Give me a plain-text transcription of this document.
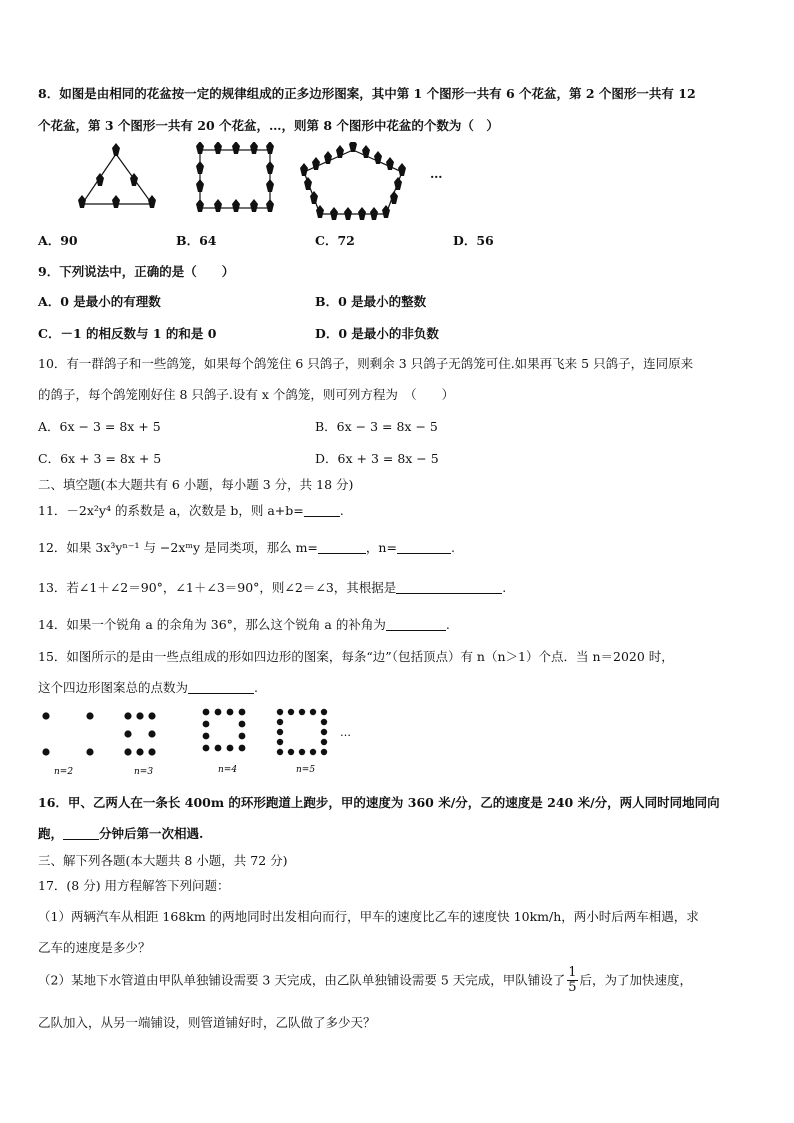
8．如图是由相同的花盆按一定的规律组成的正多边形图案，其中第 1 个图形一共有 6 个花盆，第 2 个图形一共有 12
个花盆，第 3 个图形一共有 20 个花盆，…，则第 8 个图形中花盆的个数为（　）
…
A．90	B．64	C．72	D．56
9．下列说法中，正确的是（　　）
A．0 是最小的有理数	B．0 是最小的整数
C．－1 的相反数与 1 的和是 0	D．0 是最小的非负数
10．有一群鸽子和一些鸽笼，如果每个鸽笼住 6 只鸽子，则剩余 3 只鸽子无鸽笼可住.如果再飞来 5 只鸽子，连同原来
的鸽子，每个鸽笼刚好住 8 只鸽子.设有 x 个鸽笼，则可列方程为　（　　）
A．6x − 3 = 8x + 5	B．6x − 3 = 8x − 5
C．6x + 3 = 8x + 5	D．6x + 3 = 8x − 5
二、填空题(本大题共有 6 小题，每小题 3 分，共 18 分)
11．－2x²y⁴ 的系数是 a，次数是 b，则 a+b=	.
12．如果 3x³yⁿ⁻¹ 与 −2xᵐy 是同类项，那么 m=	，n=	.
13．若∠1＋∠2＝90°，∠1＋∠3＝90°，则∠2＝∠3，其根据是	.
14．如果一个锐角 a 的余角为 36°，那么这个锐角 a 的补角为	.
15．如图所示的是由一些点组成的形如四边形的图案，每条“边”（包括顶点）有 n（n＞1）个点．当 n＝2020 时，
这个四边形图案总的点数为	.
n=2	n=3	n=4	n=5
…
16．甲、乙两人在一条长 400m 的环形跑道上跑步，甲的速度为 360 米/分，乙的速度是 240 米/分，两人同时同地同向
跑，	分钟后第一次相遇.
三、解下列各题(本大题共 8 小题，共 72 分)
17．(8 分) 用方程解答下列问题：
（1）两辆汽车从相距 168km 的两地同时出发相向而行，甲车的速度比乙车的速度快 10km/h，两小时后两车相遇，求
乙车的速度是多少？
（2）某地下水管道由甲队单独铺设需要 3 天完成，由乙队单独铺设需要 5 天完成，甲队铺设了 $\frac{1}{5}$ 后，为了加快速度，
乙队加入，从另一端铺设，则管道铺好时，乙队做了多少天？
